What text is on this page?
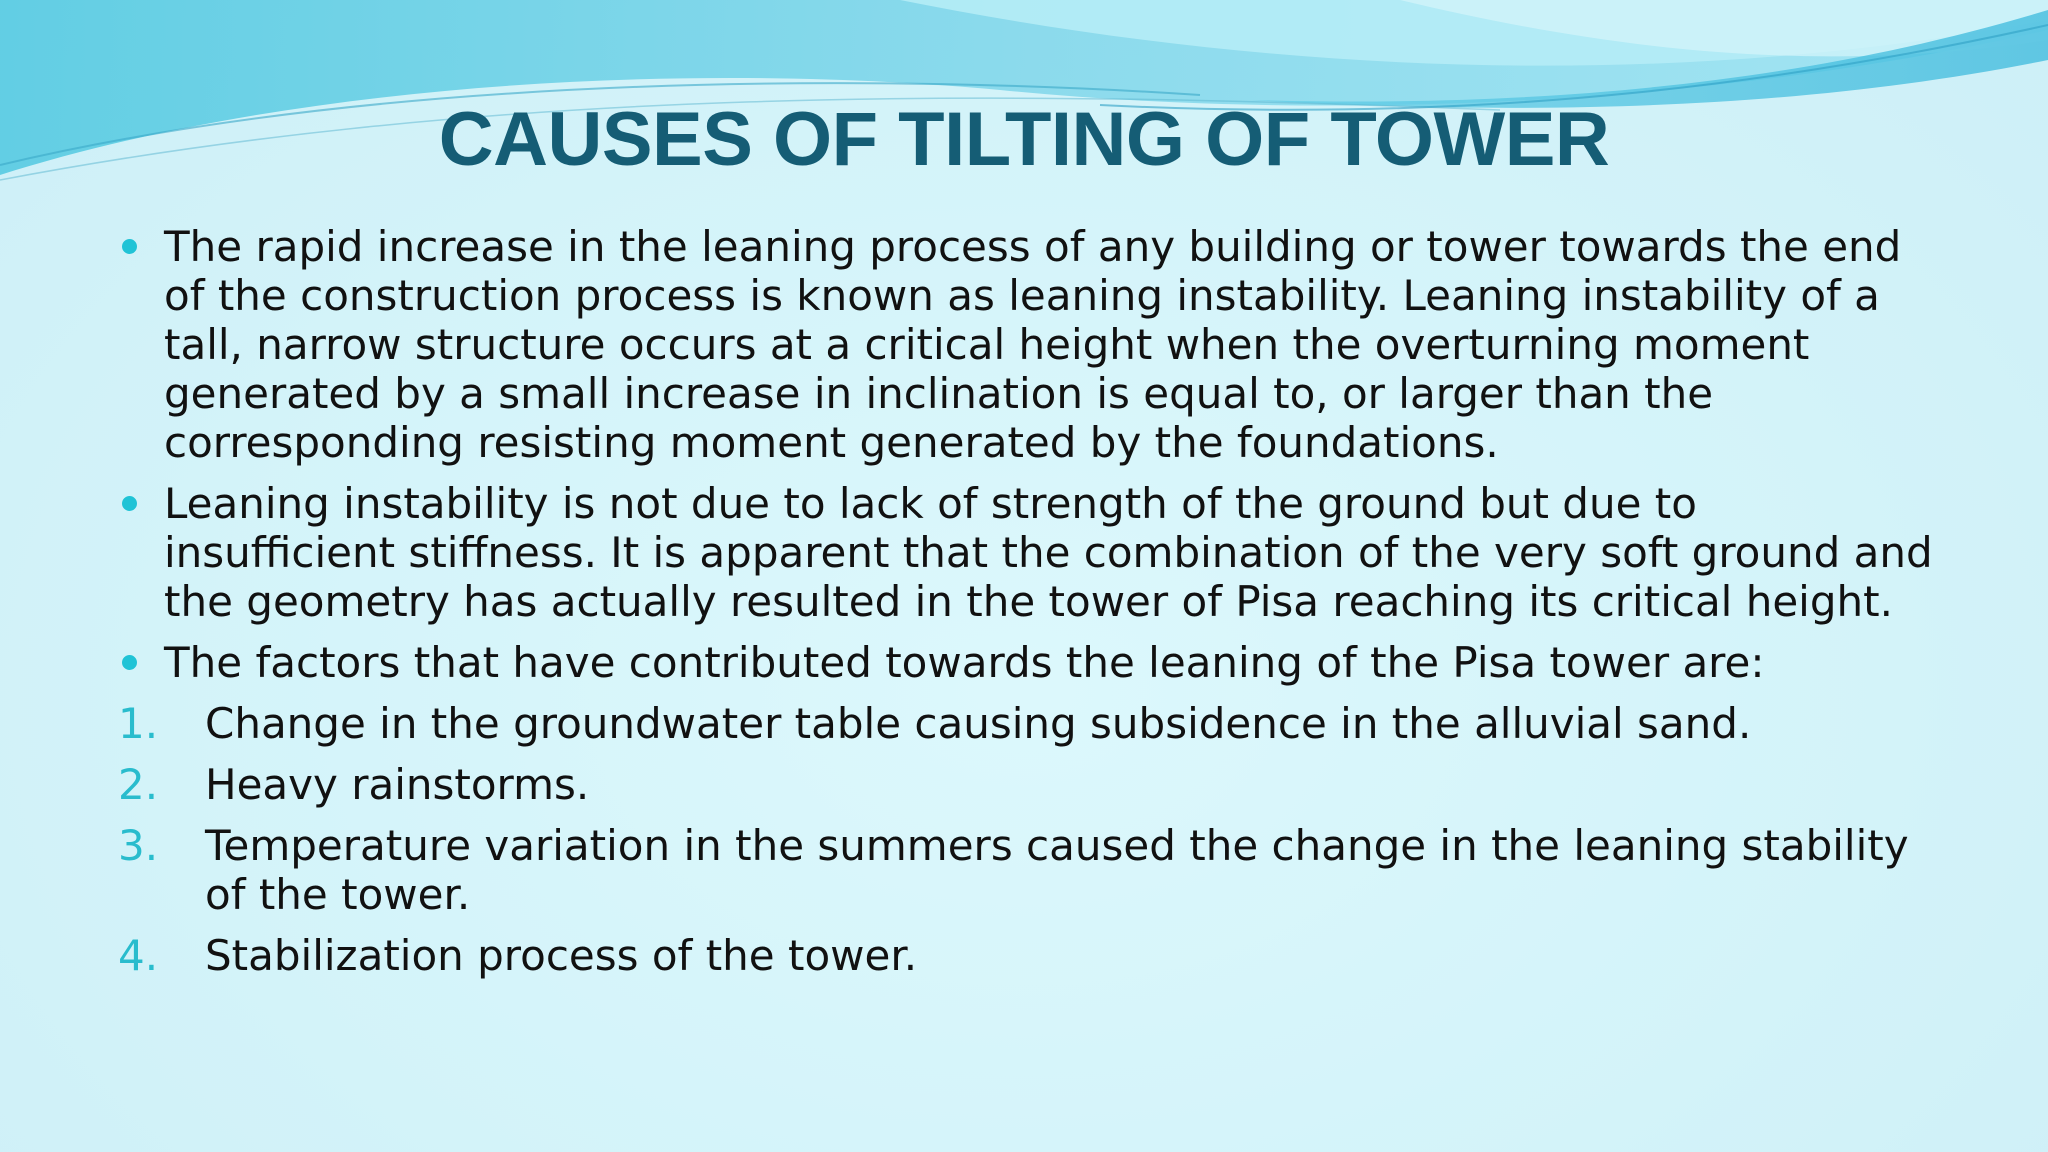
CAUSES OF TILTING OF TOWER
The rapid increase in the leaning process of any building or tower towards the end of the construction process is known as leaning instability. Leaning instability of a tall, narrow structure occurs at a critical height when the overturning moment generated by a small increase in inclination is equal to, or larger than the corresponding resisting moment generated by the foundations.
Leaning instability is not due to lack of strength of the ground but due to insufficient stiffness. It is apparent that the combination of the very soft ground and the geometry has actually resulted in the tower of Pisa reaching its critical height.
The factors that have contributed towards the leaning of the Pisa tower are:
1. Change in the groundwater table causing subsidence in the alluvial sand.
2. Heavy rainstorms.
3. Temperature variation in the summers caused the change in the leaning stability of the tower.
4. Stabilization process of the tower.
